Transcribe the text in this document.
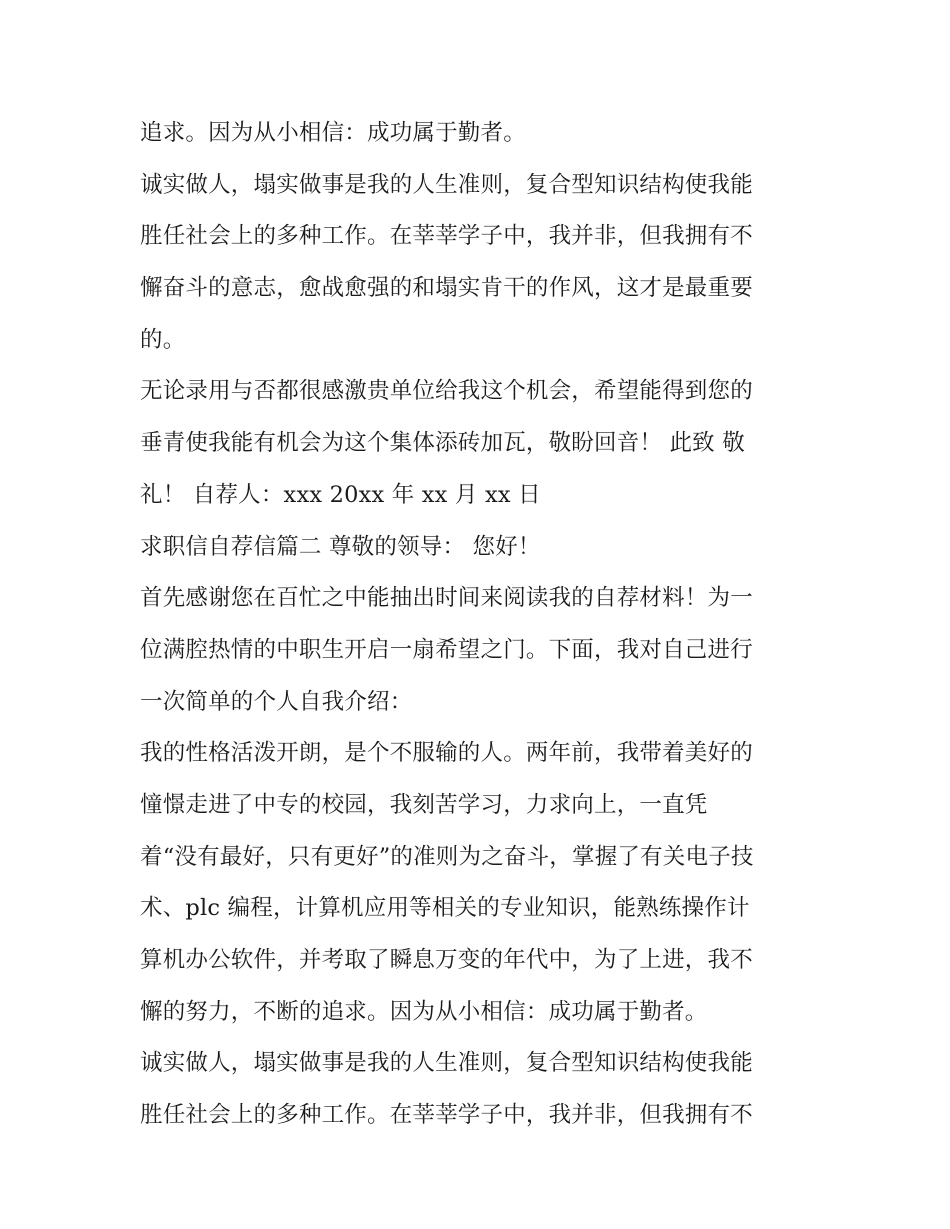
追求。因为从小相信：成功属于勤者。
诚实做人，塌实做事是我的人生准则，复合型知识结构使我能
胜任社会上的多种工作。在莘莘学子中，我并非，但我拥有不
懈奋斗的意志，愈战愈强的和塌实肯干的作风，这才是最重要
的。
无论录用与否都很感激贵单位给我这个机会，希望能得到您的
垂青使我能有机会为这个集体添砖加瓦，敬盼回音！ 此致 敬
礼！ 自荐人：xxx 20xx 年 xx 月 xx 日
求职信自荐信篇二 尊敬的领导： 您好！
首先感谢您在百忙之中能抽出时间来阅读我的自荐材料！为一
位满腔热情的中职生开启一扇希望之门。下面，我对自己进行
一次简单的个人自我介绍：
我的性格活泼开朗，是个不服输的人。两年前，我带着美好的
憧憬走进了中专的校园，我刻苦学习，力求向上，一直凭
着“没有最好，只有更好”的准则为之奋斗，掌握了有关电子技
术、plc 编程，计算机应用等相关的专业知识，能熟练操作计
算机办公软件，并考取了瞬息万变的年代中，为了上进，我不
懈的努力，不断的追求。因为从小相信：成功属于勤者。
诚实做人，塌实做事是我的人生准则，复合型知识结构使我能
胜任社会上的多种工作。在莘莘学子中，我并非，但我拥有不
